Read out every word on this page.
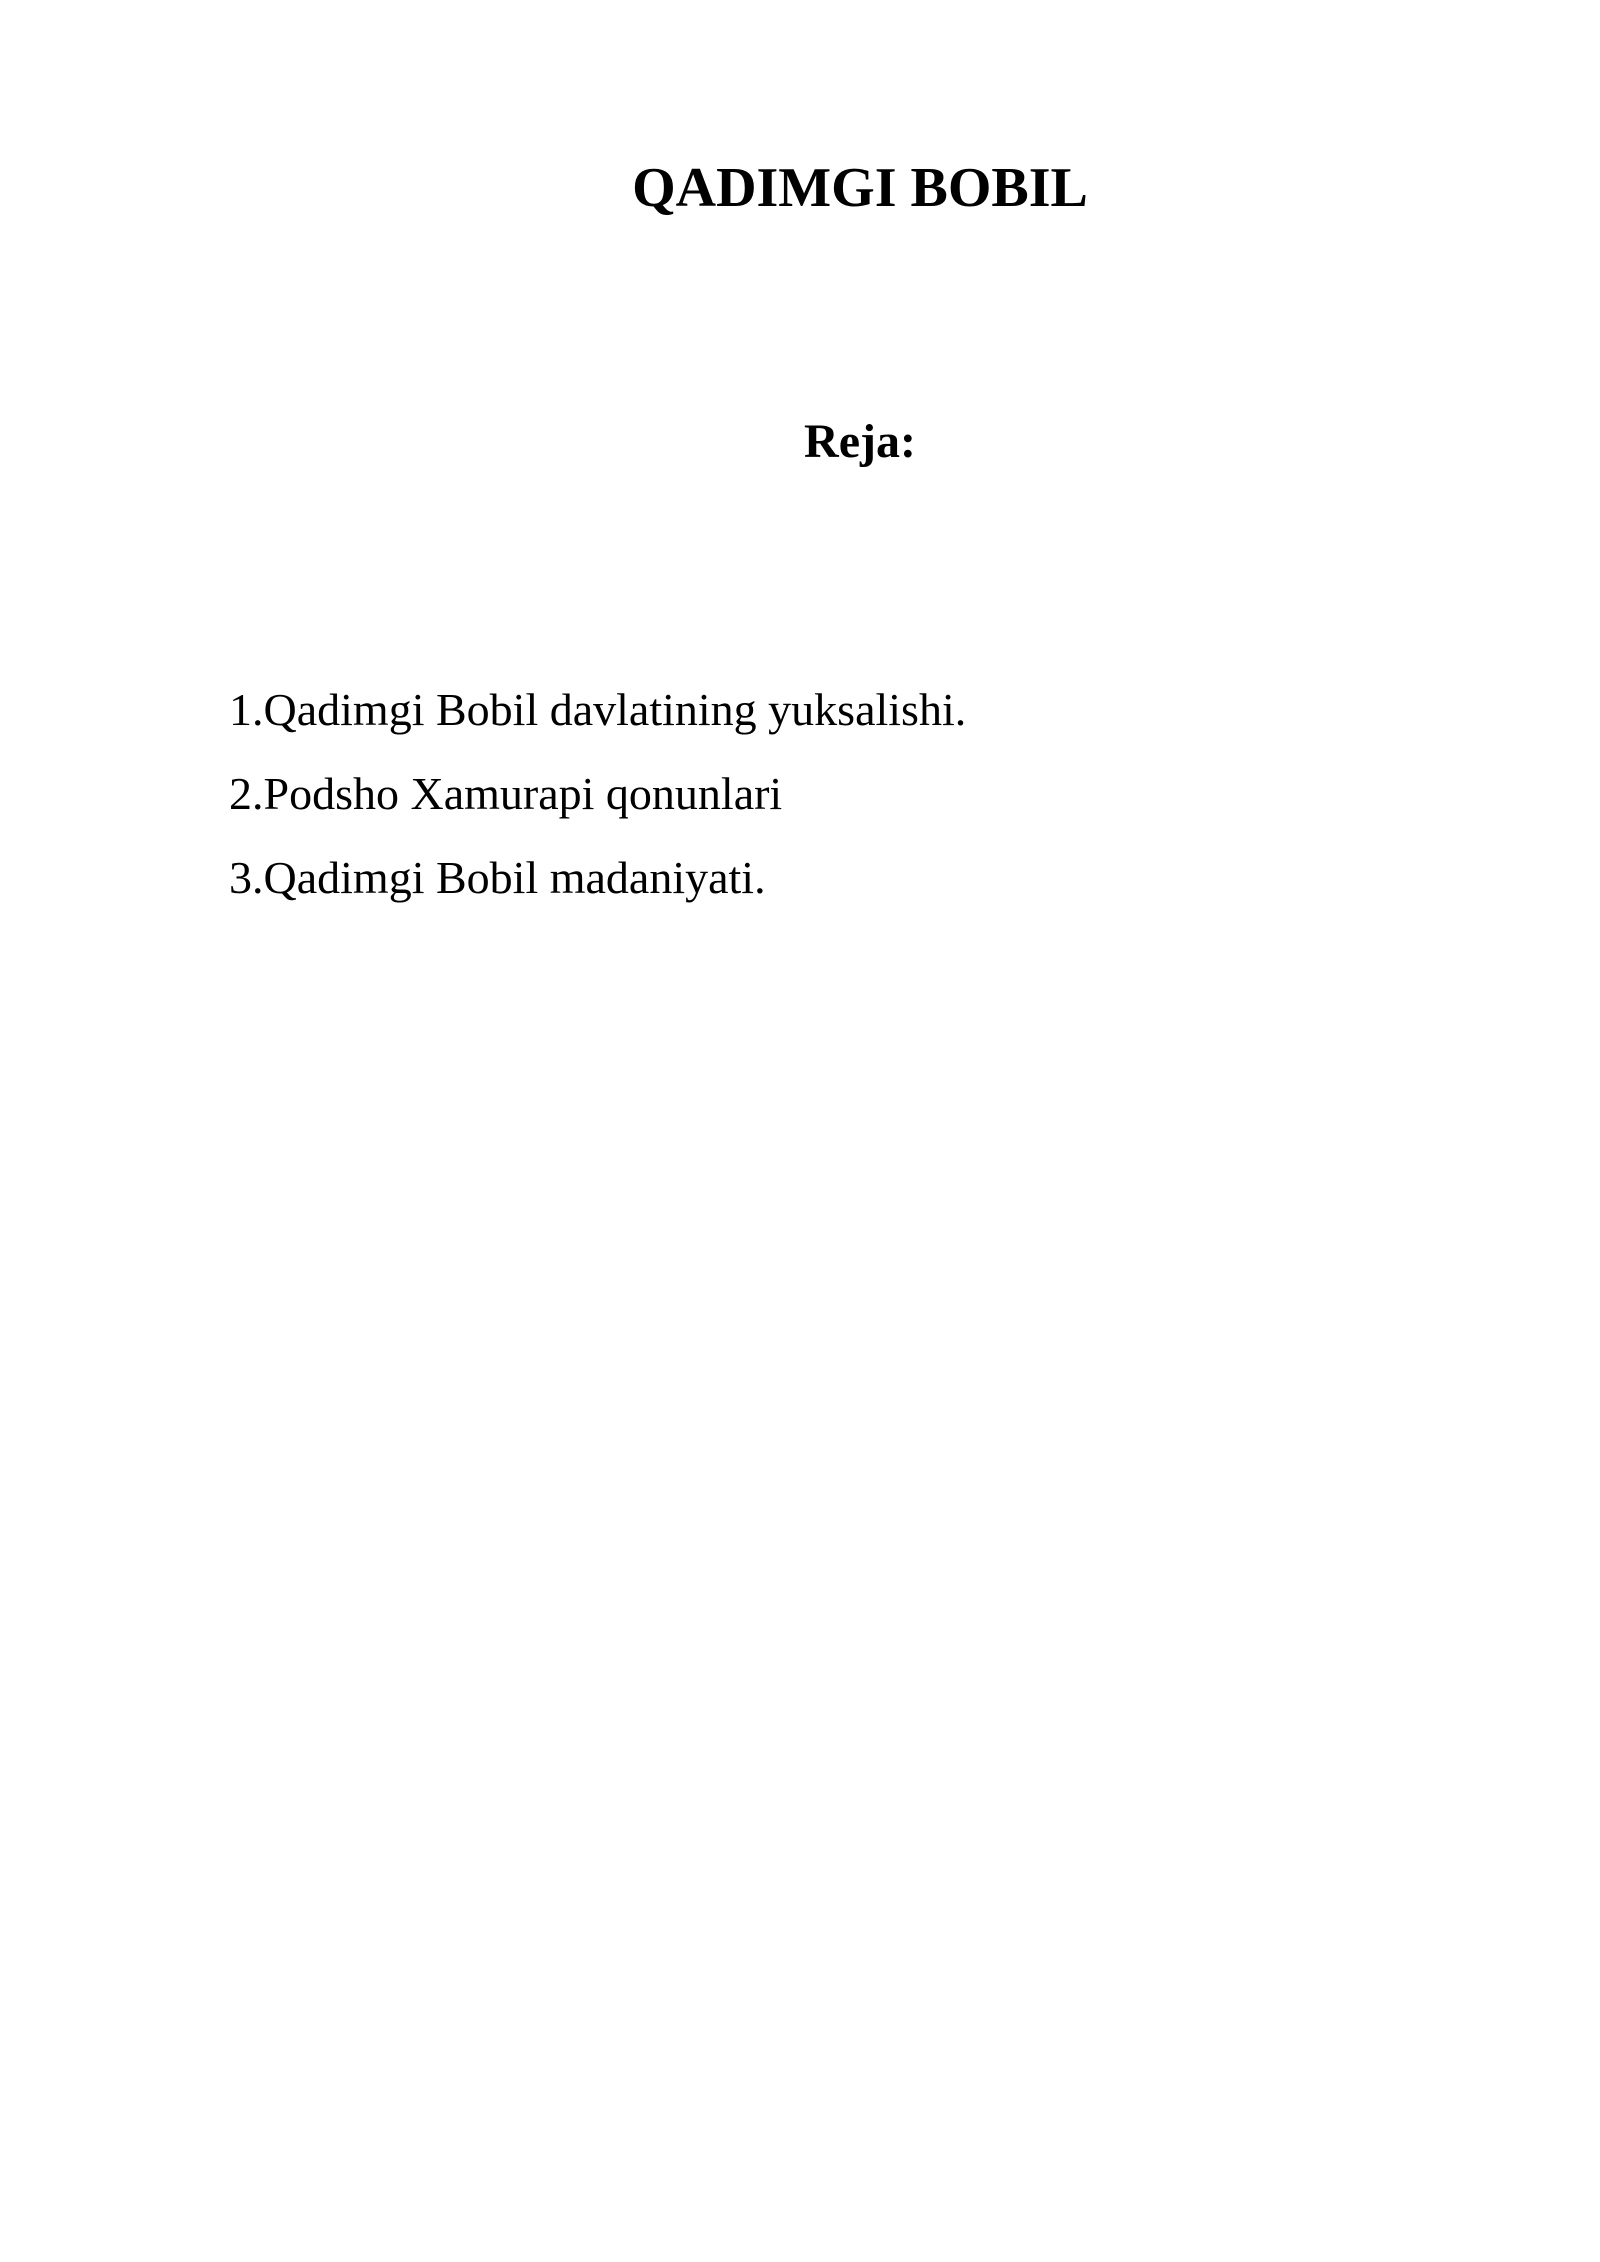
QADIMGI BOBIL
Reja:
1.Qadimgi Bobil davlatining yuksalishi.
2.Podsho Xamurapi qonunlari
3.Qadimgi Bobil madaniyati.
